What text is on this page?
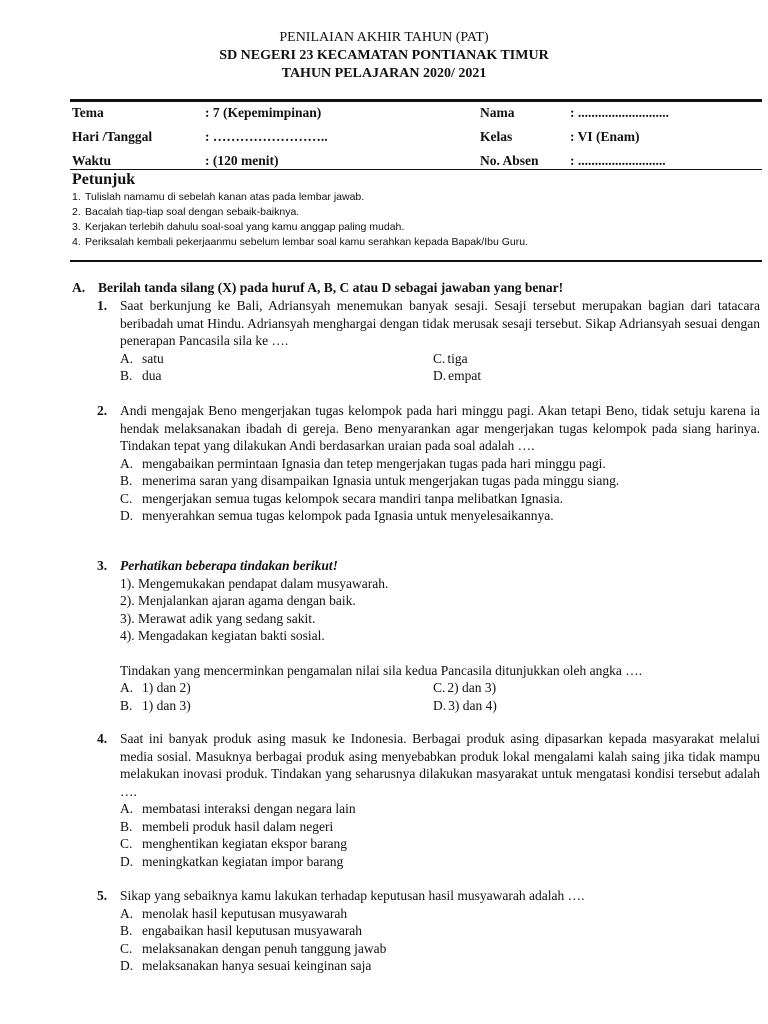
PENILAIAN AKHIR TAHUN (PAT)
SD NEGERI 23 KECAMATAN PONTIANAK TIMUR
TAHUN PELAJARAN 2020/ 2021
Tema	: 7 (Kepemimpinan)	Nama	: ...........................
Hari /Tanggal	: ……………………..	Kelas	: VI (Enam)
Waktu	: (120 menit)	No. Absen : ..........................
Petunjuk
1. Tulislah namamu di sebelah kanan atas pada lembar jawab.
2. Bacalah tiap-tiap soal dengan sebaik-baiknya.
3. Kerjakan terlebih dahulu soal-soal yang kamu anggap paling mudah.
4. Periksalah kembali pekerjaanmu sebelum lembar soal kamu serahkan kepada Bapak/Ibu Guru.
A. Berilah tanda silang (X) pada huruf A, B, C atau D sebagai jawaban yang benar!
1. Saat berkunjung ke Bali, Adriansyah menemukan banyak sesaji. Sesaji tersebut merupakan bagian dari tatacara beribadah umat Hindu. Adriansyah menghargai dengan tidak merusak sesaji tersebut. Sikap Adriansyah sesuai dengan penerapan Pancasila sila ke ….
A. satu	C. tiga
B. dua	D. empat
2. Andi mengajak Beno mengerjakan tugas kelompok pada hari minggu pagi. Akan tetapi Beno, tidak setuju karena ia hendak melaksanakan ibadah di gereja. Beno menyarankan agar mengerjakan tugas kelompok pada siang harinya. Tindakan tepat yang dilakukan Andi berdasarkan uraian pada soal adalah ….
A. mengabaikan permintaan Ignasia dan tetep mengerjakan tugas pada hari minggu pagi.
B. menerima saran yang disampaikan Ignasia untuk mengerjakan tugas pada minggu siang.
C. mengerjakan semua tugas kelompok secara mandiri tanpa melibatkan Ignasia.
D. menyerahkan semua tugas kelompok pada Ignasia untuk menyelesaikannya.
3. Perhatikan beberapa tindakan berikut!
1). Mengemukakan pendapat dalam musyawarah.
2). Menjalankan ajaran agama dengan baik.
3). Merawat adik yang sedang sakit.
4). Mengadakan kegiatan bakti sosial.
Tindakan yang mencerminkan pengamalan nilai sila kedua Pancasila ditunjukkan oleh angka ….
A. 1) dan 2)	C. 2) dan 3)
B. 1) dan 3)	D. 3) dan 4)
4. Saat ini banyak produk asing masuk ke Indonesia. Berbagai produk asing dipasarkan kepada masyarakat melalui media sosial. Masuknya berbagai produk asing menyebabkan produk lokal mengalami kalah saing jika tidak mampu melakukan inovasi produk. Tindakan yang seharusnya dilakukan masyarakat untuk mengatasi kondisi tersebut adalah ….
A. membatasi interaksi dengan negara lain
B. membeli produk hasil dalam negeri
C. menghentikan kegiatan ekspor barang
D. meningkatkan kegiatan impor barang
5. Sikap yang sebaiknya kamu lakukan terhadap keputusan hasil musyawarah adalah ….
A. menolak hasil keputusan musyawarah
B. engabaikan hasil keputusan musyawarah
C. melaksanakan dengan penuh tanggung jawab
D. melaksanakan hanya sesuai keinginan saja
